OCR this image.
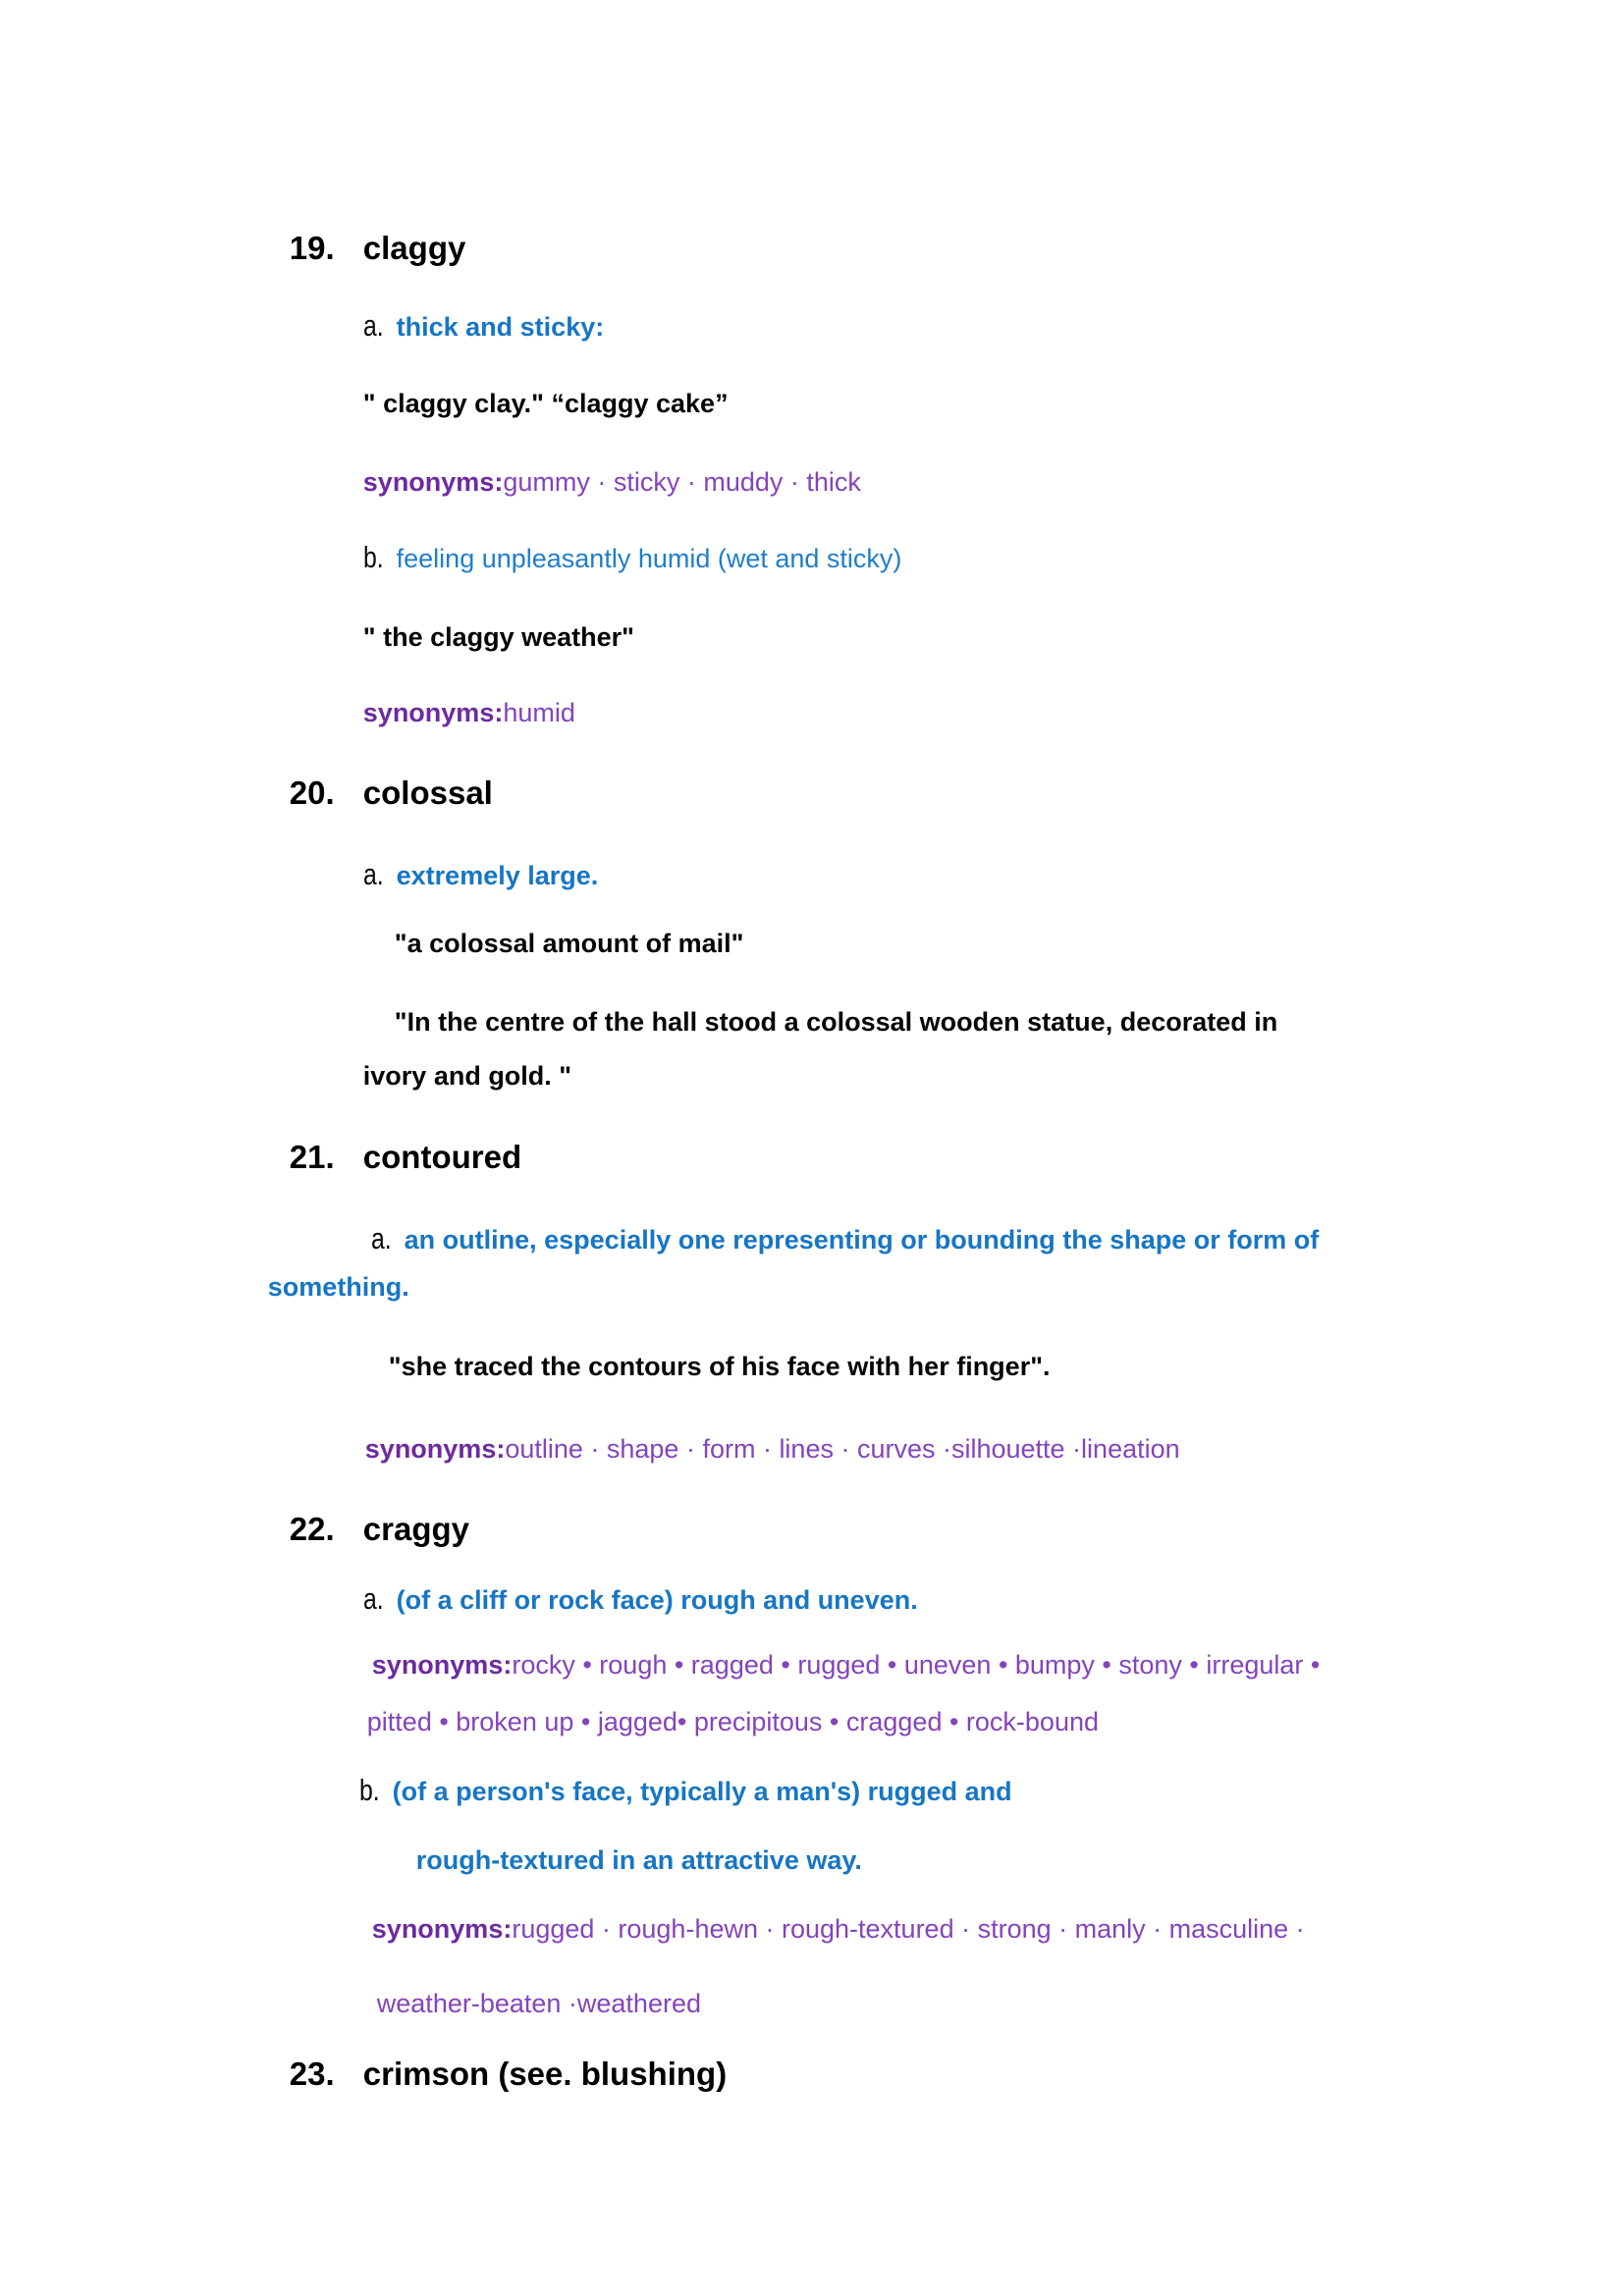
19. claggy

a. thick and sticky:

" claggy clay." “claggy cake”

synonyms:gummy · sticky · muddy · thick

b. feeling unpleasantly humid (wet and sticky)

" the claggy weather"

synonyms:humid

20. colossal

a. extremely large.

"a colossal amount of mail"

"In the centre of the hall stood a colossal wooden statue, decorated in

ivory and gold. "

21. contoured

a. an outline, especially one representing or bounding the shape or form of

something.

"she traced the contours of his face with her finger".

synonyms:outline · shape · form · lines · curves ·silhouette ·lineation

22. craggy

a. (of a cliff or rock face) rough and uneven.

synonyms:rocky • rough • ragged • rugged • uneven • bumpy • stony • irregular •

pitted • broken up • jagged• precipitous • cragged • rock-bound

b. (of a person's face, typically a man's) rugged and

rough-textured in an attractive way.

synonyms:rugged · rough-hewn · rough-textured · strong · manly · masculine ·

weather-beaten ·weathered

23. crimson (see. blushing)
